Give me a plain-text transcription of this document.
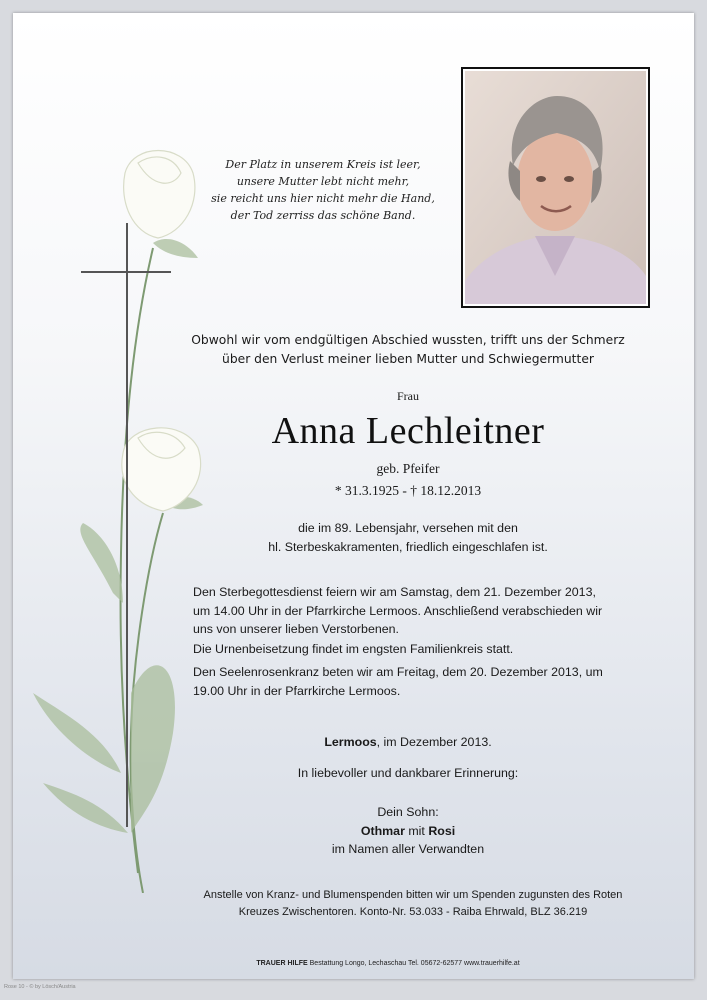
Der Platz in unserem Kreis ist leer,
unsere Mutter lebt nicht mehr,
sie reicht uns hier nicht mehr die Hand,
der Tod zerriss das schöne Band.
Obwohl wir vom endgültigen Abschied wussten, trifft uns der Schmerz
über den Verlust meiner lieben Mutter und Schwiegermutter
Frau
Anna Lechleitner
geb. Pfeifer
* 31.3.1925 - † 18.12.2013
die im 89. Lebensjahr, versehen mit den
hl. Sterbeskakramenten, friedlich eingeschlafen ist.
Den Sterbegottesdienst feiern wir am Samstag, dem 21. Dezember 2013,
um 14.00 Uhr in der Pfarrkirche Lermoos. Anschließend verabschieden wir
uns von unserer lieben Verstorbenen.
Die Urnenbeisetzung findet im engsten Familienkreis statt.
Den Seelenrosenkranz beten wir am Freitag, dem 20. Dezember 2013, um
19.00 Uhr in der Pfarrkirche Lermoos.
Lermoos, im Dezember 2013.
In liebevoller und dankbarer Erinnerung:
Dein Sohn:
Othmar mit Rosi
im Namen aller Verwandten
Anstelle von Kranz- und Blumenspenden bitten wir um Spenden zugunsten des Roten
Kreuzes Zwischentoren. Konto-Nr. 53.033 - Raiba Ehrwald, BLZ 36.219
TRAUER HILFE Bestattung Longo, Lechaschau Tel. 05672-62577 www.trauerhilfe.at
Rose 10 - © by Lösch/Austria
